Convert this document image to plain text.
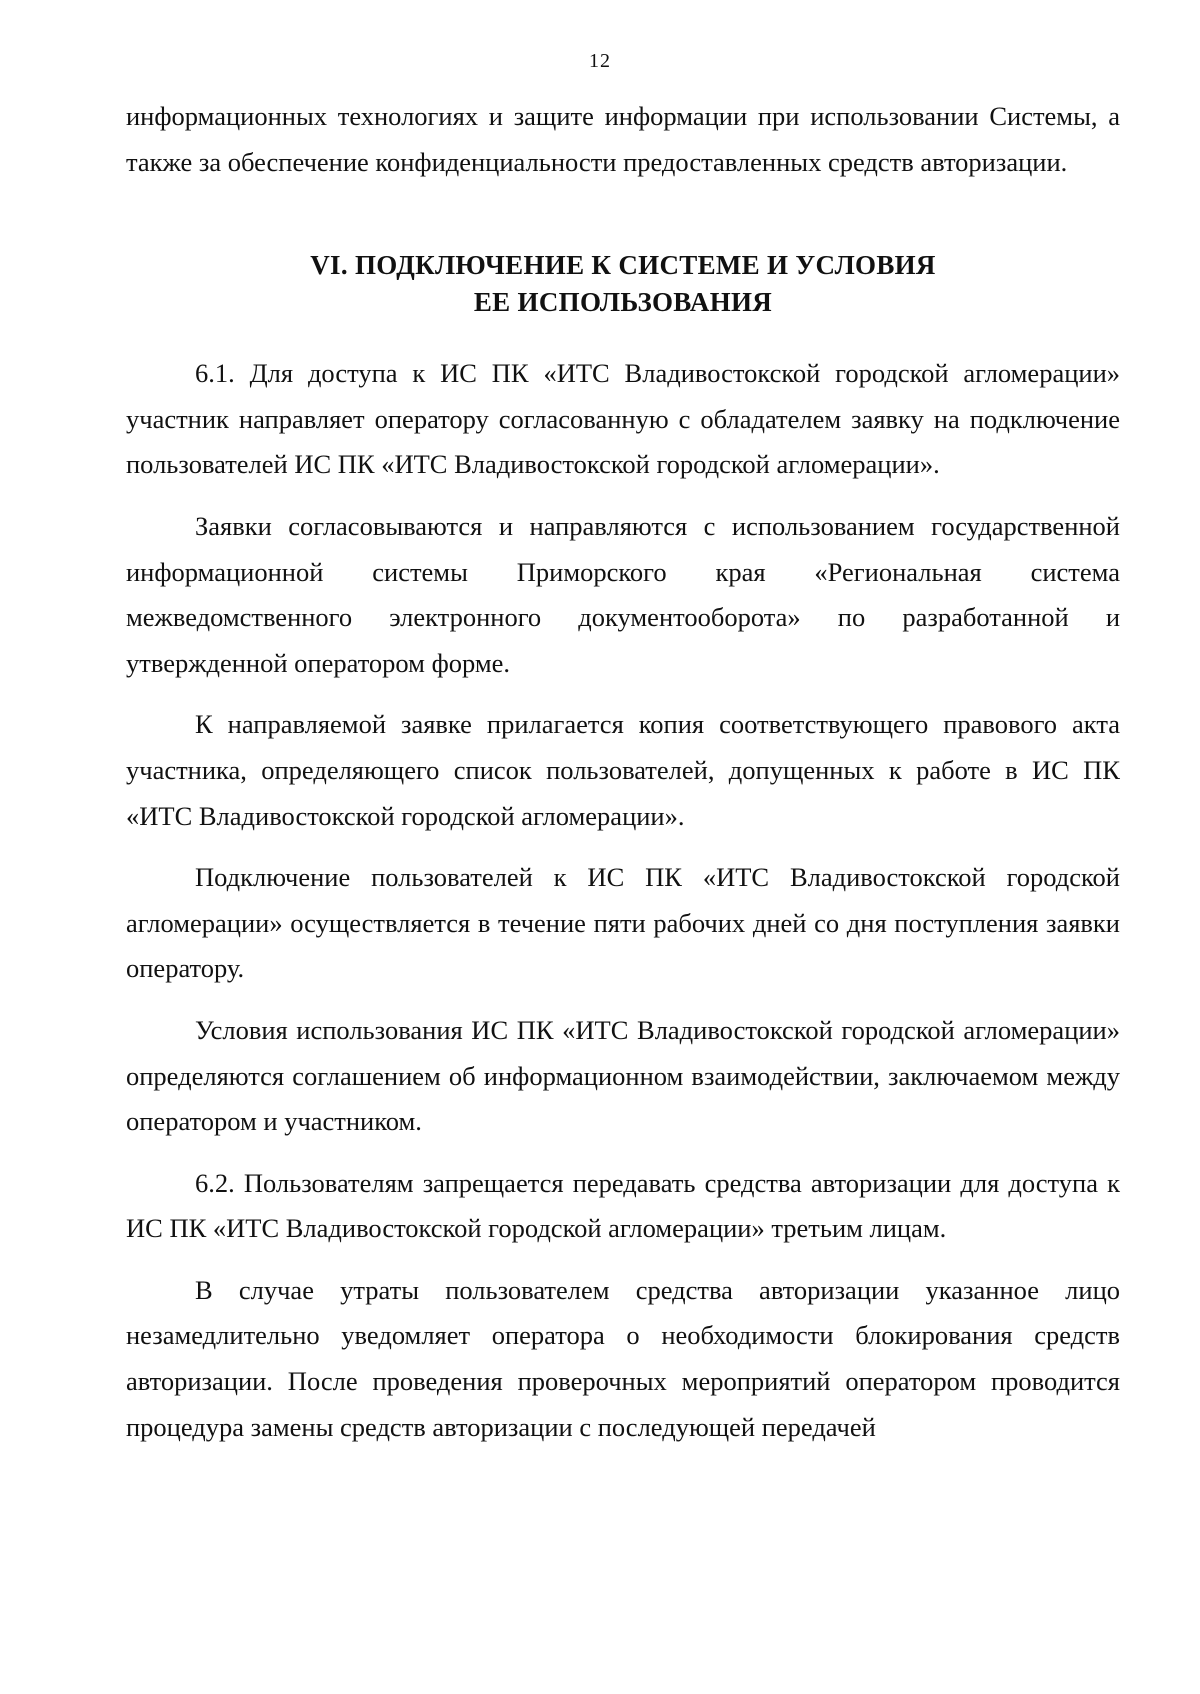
12

информационных технологиях и защите информации при использовании Системы, а также за обеспечение конфиденциальности предоставленных средств авторизации.

VI. ПОДКЛЮЧЕНИЕ К СИСТЕМЕ И УСЛОВИЯ
ЕЕ ИСПОЛЬЗОВАНИЯ

6.1. Для доступа к ИС ПК «ИТС Владивостокской городской агломерации» участник направляет оператору согласованную с обладателем заявку на подключение пользователей ИС ПК «ИТС Владивостокской городской агломерации».

Заявки согласовываются и направляются с использованием государственной информационной системы Приморского края «Региональная система межведомственного электронного документооборота» по разработанной и утвержденной оператором форме.

К направляемой заявке прилагается копия соответствующего правового акта участника, определяющего список пользователей, допущенных к работе в ИС ПК «ИТС Владивостокской городской агломерации».

Подключение пользователей к ИС ПК «ИТС Владивостокской городской агломерации» осуществляется в течение пяти рабочих дней со дня поступления заявки оператору.

Условия использования ИС ПК «ИТС Владивостокской городской агломерации» определяются соглашением об информационном взаимодействии, заключаемом между оператором и участником.

6.2. Пользователям запрещается передавать средства авторизации для доступа к ИС ПК «ИТС Владивостокской городской агломерации» третьим лицам.

В случае утраты пользователем средства авторизации указанное лицо незамедлительно уведомляет оператора о необходимости блокирования средств авторизации. После проведения проверочных мероприятий оператором проводится процедура замены средств авторизации с последующей передачей
